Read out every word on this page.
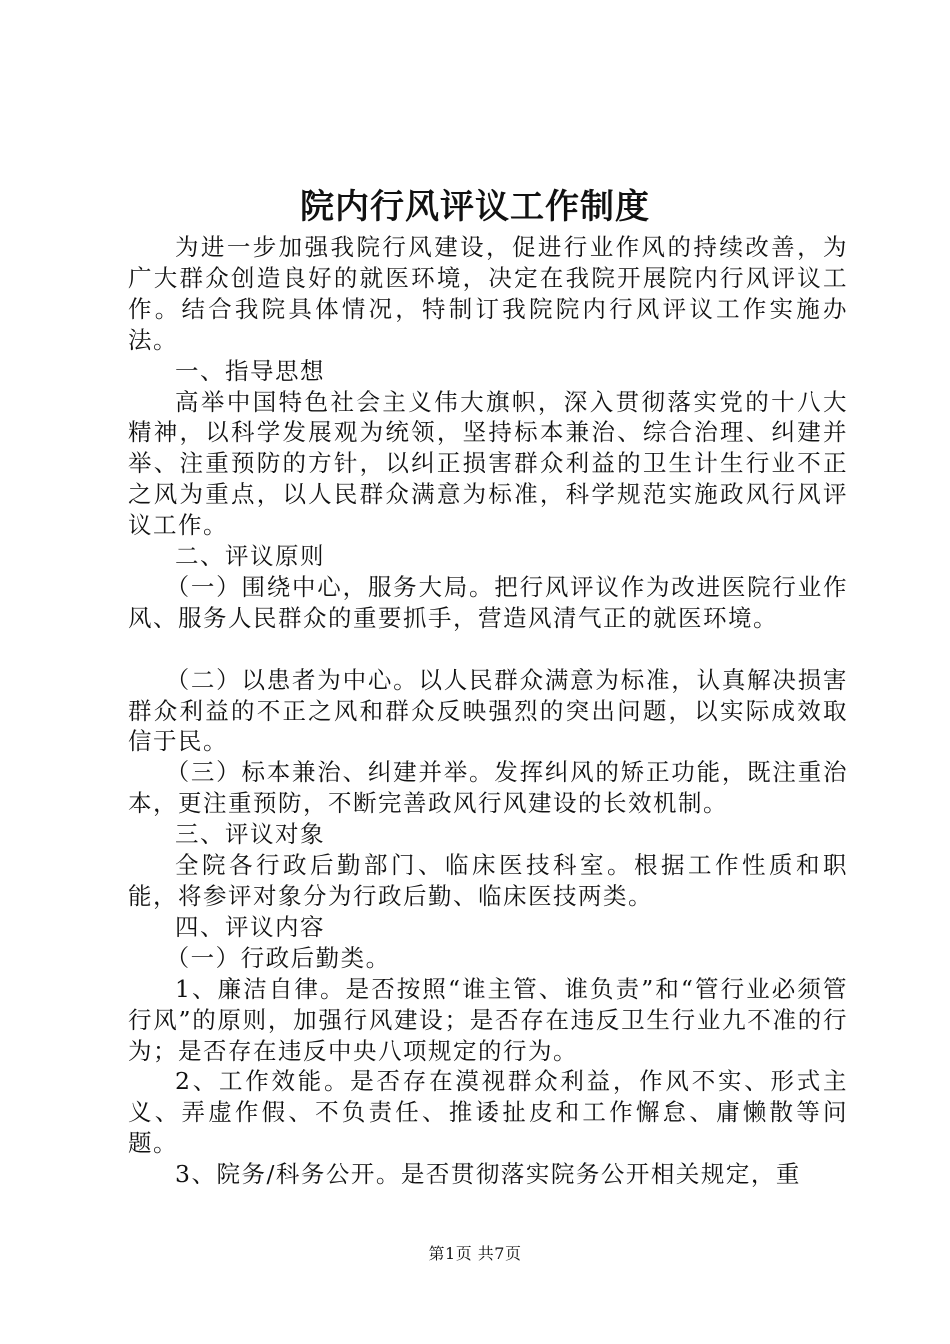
院内行风评议工作制度

为进一步加强我院行风建设，促进行业作风的持续改善，为广大群众创造良好的就医环境，决定在我院开展院内行风评议工作。结合我院具体情况，特制订我院院内行风评议工作实施办法。

一、指导思想

高举中国特色社会主义伟大旗帜，深入贯彻落实党的十八大精神，以科学发展观为统领，坚持标本兼治、综合治理、纠建并举、注重预防的方针，以纠正损害群众利益的卫生计生行业不正之风为重点，以人民群众满意为标准，科学规范实施政风行风评议工作。

二、评议原则

（一）围绕中心，服务大局。把行风评议作为改进医院行业作风、服务人民群众的重要抓手，营造风清气正的就医环境。

（二）以患者为中心。以人民群众满意为标准，认真解决损害群众利益的不正之风和群众反映强烈的突出问题，以实际成效取信于民。

（三）标本兼治、纠建并举。发挥纠风的矫正功能，既注重治本，更注重预防，不断完善政风行风建设的长效机制。

三、评议对象

全院各行政后勤部门、临床医技科室。根据工作性质和职能，将参评对象分为行政后勤、临床医技两类。

四、评议内容

（一）行政后勤类。

1、廉洁自律。是否按照“谁主管、谁负责”和“管行业必须管行风”的原则，加强行风建设；是否存在违反卫生行业九不准的行为；是否存在违反中央八项规定的行为。

2、工作效能。是否存在漠视群众利益，作风不实、形式主义、弄虚作假、不负责任、推诿扯皮和工作懈怠、庸懒散等问题。

3、院务/科务公开。是否贯彻落实院务公开相关规定，重

第1页 共7页
